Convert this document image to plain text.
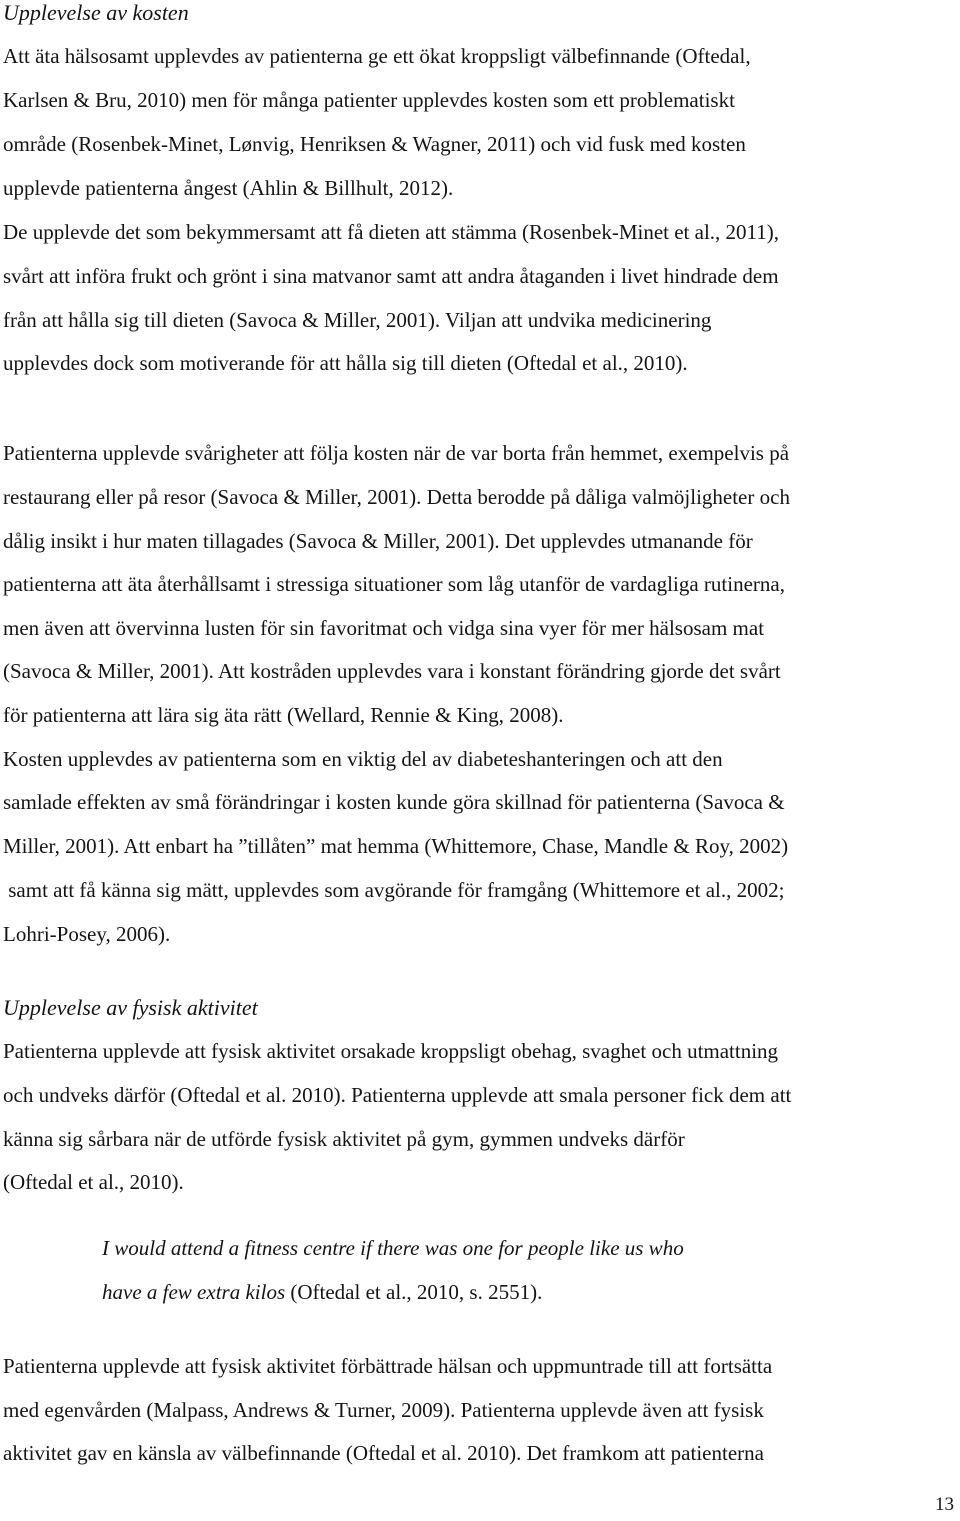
Upplevelse av kosten
Att äta hälsosamt upplevdes av patienterna ge ett ökat kroppsligt välbefinnande (Oftedal,
Karlsen & Bru, 2010) men för många patienter upplevdes kosten som ett problematiskt
område (Rosenbek-Minet, Lønvig, Henriksen & Wagner, 2011) och vid fusk med kosten
upplevde patienterna ångest (Ahlin & Billhult, 2012).
De upplevde det som bekymmersamt att få dieten att stämma (Rosenbek-Minet et al., 2011),
svårt att införa frukt och grönt i sina matvanor samt att andra åtaganden i livet hindrade dem
från att hålla sig till dieten (Savoca & Miller, 2001). Viljan att undvika medicinering
upplevdes dock som motiverande för att hålla sig till dieten (Oftedal et al., 2010).
Patienterna upplevde svårigheter att följa kosten när de var borta från hemmet, exempelvis på
restaurang eller på resor (Savoca & Miller, 2001). Detta berodde på dåliga valmöjligheter och
dålig insikt i hur maten tillagades (Savoca & Miller, 2001). Det upplevdes utmanande för
patienterna att äta återhållsamt i stressiga situationer som låg utanför de vardagliga rutinerna,
men även att övervinna lusten för sin favoritmat och vidga sina vyer för mer hälsosam mat
(Savoca & Miller, 2001). Att kostråden upplevdes vara i konstant förändring gjorde det svårt
för patienterna att lära sig äta rätt (Wellard, Rennie & King, 2008).
Kosten upplevdes av patienterna som en viktig del av diabeteshanteringen och att den
samlade effekten av små förändringar i kosten kunde göra skillnad för patienterna (Savoca &
Miller, 2001). Att enbart ha ”tillåten” mat hemma (Whittemore, Chase, Mandle & Roy, 2002)
samt att få känna sig mätt, upplevdes som avgörande för framgång (Whittemore et al., 2002;
Lohri-Posey, 2006).
Upplevelse av fysisk aktivitet
Patienterna upplevde att fysisk aktivitet orsakade kroppsligt obehag, svaghet och utmattning
och undveks därför (Oftedal et al. 2010). Patienterna upplevde att smala personer fick dem att
känna sig sårbara när de utförde fysisk aktivitet på gym, gymmen undveks därför
(Oftedal et al., 2010).
I would attend a fitness centre if there was one for people like us who
have a few extra kilos (Oftedal et al., 2010, s. 2551).
Patienterna upplevde att fysisk aktivitet förbättrade hälsan och uppmuntrade till att fortsätta
med egenvården (Malpass, Andrews & Turner, 2009). Patienterna upplevde även att fysisk
aktivitet gav en känsla av välbefinnande (Oftedal et al. 2010). Det framkom att patienterna
13
